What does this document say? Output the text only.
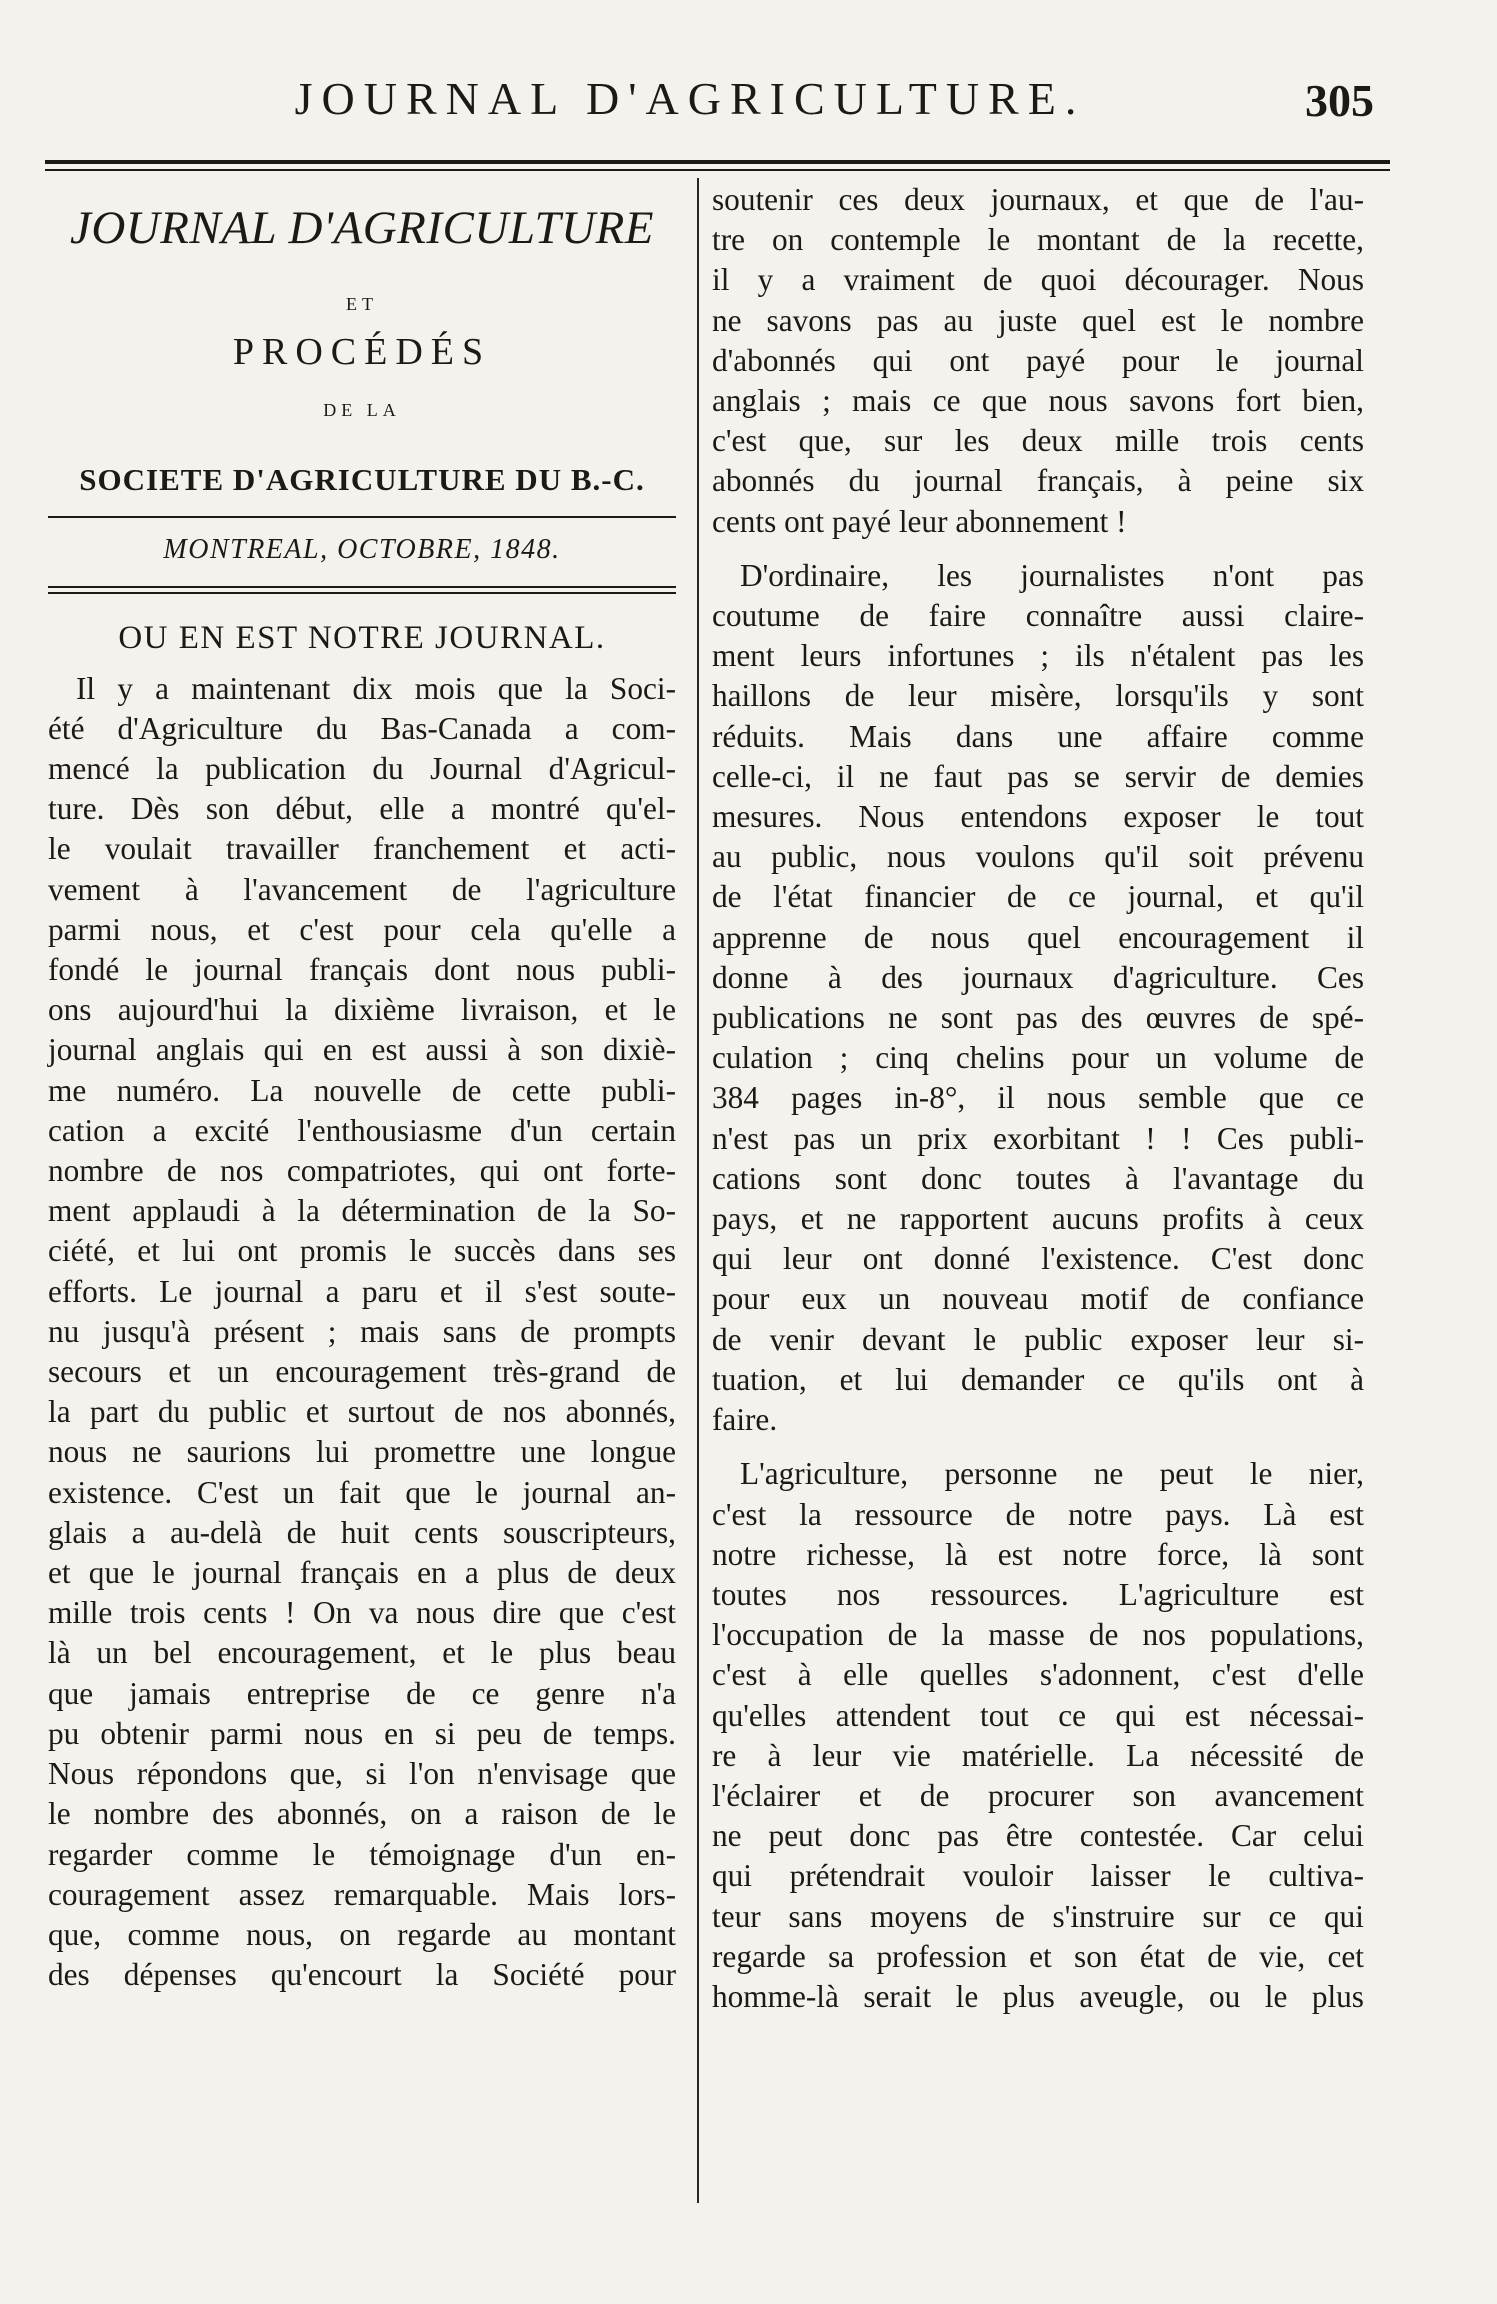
JOURNAL D'AGRICULTURE.	305
JOURNAL D'AGRICULTURE
ET
PROCÉDÉS
DE LA
SOCIETE D'AGRICULTURE DU B.-C.
MONTREAL, OCTOBRE, 1848.
OU EN EST NOTRE JOURNAL.
Il y a maintenant dix mois que la Soci-
été d'Agriculture du Bas-Canada a com-
mencé la publication du Journal d'Agricul-
ture. Dès son début, elle a montré qu'el-
le voulait travailler franchement et acti-
vement à l'avancement de l'agriculture
parmi nous, et c'est pour cela qu'elle a
fondé le journal français dont nous publi-
ons aujourd'hui la dixième livraison, et le
journal anglais qui en est aussi à son dixiè-
me numéro. La nouvelle de cette publi-
cation a excité l'enthousiasme d'un certain
nombre de nos compatriotes, qui ont forte-
ment applaudi à la détermination de la So-
ciété, et lui ont promis le succès dans ses
efforts. Le journal a paru et il s'est soute-
nu jusqu'à présent ; mais sans de prompts
secours et un encouragement très-grand de
la part du public et surtout de nos abonnés,
nous ne saurions lui promettre une longue
existence. C'est un fait que le journal an-
glais a au-delà de huit cents souscripteurs,
et que le journal français en a plus de deux
mille trois cents ! On va nous dire que c'est
là un bel encouragement, et le plus beau
que jamais entreprise de ce genre n'a
pu obtenir parmi nous en si peu de temps.
Nous répondons que, si l'on n'envisage que
le nombre des abonnés, on a raison de le
regarder comme le témoignage d'un en-
couragement assez remarquable. Mais lors-
que, comme nous, on regarde au montant
des dépenses qu'encourt la Société pour
soutenir ces deux journaux, et que de l'au-
tre on contemple le montant de la recette,
il y a vraiment de quoi décourager. Nous
ne savons pas au juste quel est le nombre
d'abonnés qui ont payé pour le journal
anglais ; mais ce que nous savons fort bien,
c'est que, sur les deux mille trois cents
abonnés du journal français, à peine six
cents ont payé leur abonnement !
D'ordinaire, les journalistes n'ont pas
coutume de faire connaître aussi claire-
ment leurs infortunes ; ils n'étalent pas les
haillons de leur misère, lorsqu'ils y sont
réduits. Mais dans une affaire comme
celle-ci, il ne faut pas se servir de demies
mesures. Nous entendons exposer le tout
au public, nous voulons qu'il soit prévenu
de l'état financier de ce journal, et qu'il
apprenne de nous quel encouragement il
donne à des journaux d'agriculture. Ces
publications ne sont pas des œuvres de spé-
culation ; cinq chelins pour un volume de
384 pages in-8°, il nous semble que ce
n'est pas un prix exorbitant ! ! Ces publi-
cations sont donc toutes à l'avantage du
pays, et ne rapportent aucuns profits à ceux
qui leur ont donné l'existence. C'est donc
pour eux un nouveau motif de confiance
de venir devant le public exposer leur si-
tuation, et lui demander ce qu'ils ont à
faire.
L'agriculture, personne ne peut le nier,
c'est la ressource de notre pays. Là est
notre richesse, là est notre force, là sont
toutes nos ressources. L'agriculture est
l'occupation de la masse de nos populations,
c'est à elle quelles s'adonnent, c'est d'elle
qu'elles attendent tout ce qui est nécessai-
re à leur vie matérielle. La nécessité de
l'éclairer et de procurer son avancement
ne peut donc pas être contestée. Car celui
qui prétendrait vouloir laisser le cultiva-
teur sans moyens de s'instruire sur ce qui
regarde sa profession et son état de vie, cet
homme-là serait le plus aveugle, ou le plus
